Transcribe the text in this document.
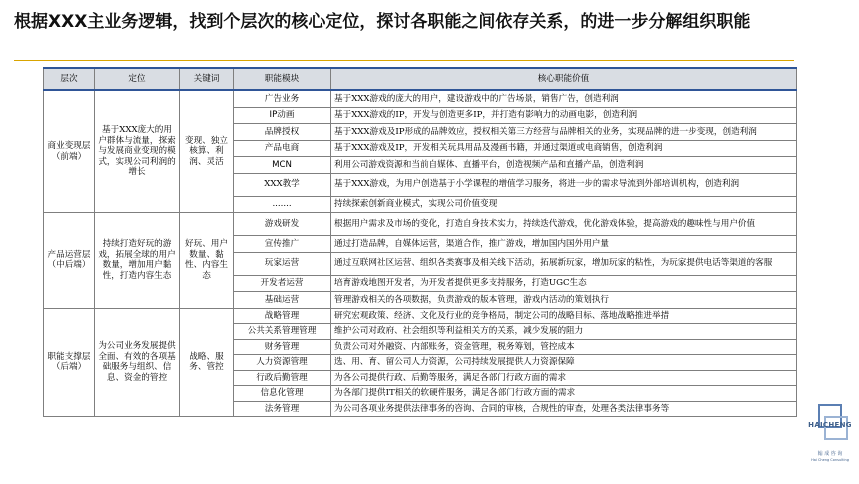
根据XXX主业务逻辑，找到个层次的核心定位，探讨各职能之间依存关系，的进一步分解组织职能
层次	定位	关键词	职能模块	核心职能价值
商业变现层（前端）	基于XXX庞大的用户群体与流量，探索与发展商业变现的模式，实现公司利润的增长	变现、独立核算、利润、灵活	广告业务	基于XXX游戏的庞大的用户，建设游戏中的广告场景，销售广告，创造利润
			IP动画	基于XXX游戏的IP，开发与创造更多IP，并打造有影响力的动画电影，创造利润
			品牌授权	基于XXX游戏及IP形成的品牌效应，授权相关第三方经营与品牌相关的业务，实现品牌的进一步变现，创造利润
			产品电商	基于XXX游戏及IP，开发相关玩具用品及漫画书籍，并通过渠道或电商销售，创造利润
			MCN	利用公司游戏资源和当前自媒体、直播平台，创造视频产品和直播产品，创造利润
			XXX教学	基于XXX游戏，为用户创造基于小学课程的增值学习服务，将进一步的需求导流到外部培训机构，创造利润
			.......	持续探索创新商业模式，实现公司价值变现
产品运营层（中后端）	持续打造好玩的游戏，拓展全球的用户数量，增加用户黏性，打造内容生态	好玩、用户数量、黏性、内容生态	游戏研发	根据用户需求及市场的变化，打造自身技术实力，持续迭代游戏，优化游戏体验，提高游戏的趣味性与用户价值
			宣传推广	通过打造品牌，自媒体运营，渠道合作，推广游戏，增加国内国外用户量
			玩家运营	通过互联网社区运营、组织各类赛事及相关线下活动，拓展新玩家，增加玩家的粘性，为玩家提供电话等渠道的客服
			开发者运营	培育游戏地图开发者，为开发者提供更多支持服务，打造UGC生态
			基础运营	管理游戏相关的各项数据，负责游戏的版本管理，游戏内活动的策划执行
职能支撑层（后端）	为公司业务发展提供全面、有效的各项基础服务与组织、信息、资金的管控	战略、服务、管控	战略管理	研究宏观政策、经济、文化及行业的竞争格局，制定公司的战略目标、落地战略推进举措
			公共关系管理管理	维护公司对政府、社会组织等利益相关方的关系，减少发展的阻力
			财务管理	负责公司对外融资、内部账务，资金管理，税务筹划，管控成本
			人力资源管理	选、用、育、留公司人力资源，公司持续发展提供人力资源保障
			行政后勤管理	为各公司提供行政、后勤等服务，满足各部门行政方面的需求
			信息化管理	为各部门提供IT相关的软硬件服务，满足各部门行政方面的需求
			法务管理	为公司各项业务提供法律事务的咨询、合同的审核，合规性的审查，处理各类法律事务等
HAICHENG
翰 成 咨 询
Hai Cheng Consulting
